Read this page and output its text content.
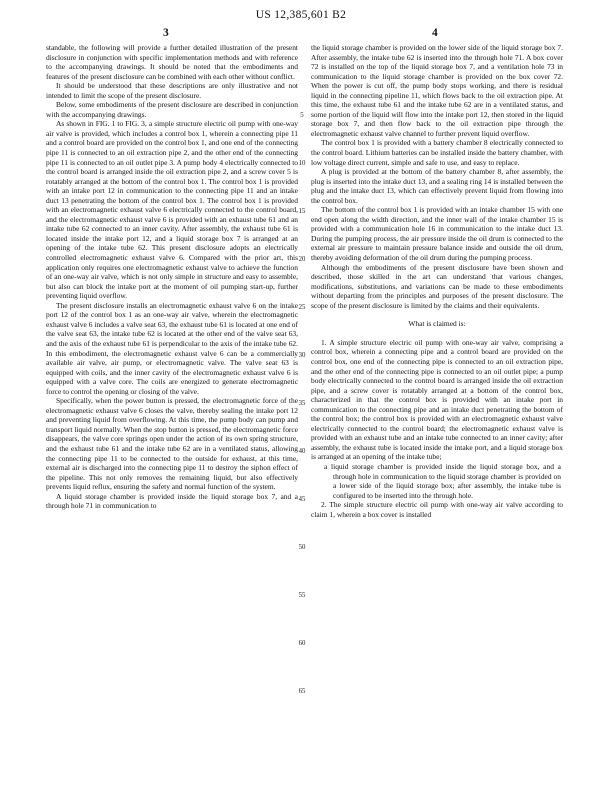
US 12,385,601 B2
3	4

standable, the following will provide a further detailed illustration of the present disclosure in conjunction with specific implementation methods and with reference to the accompanying drawings. It should be noted that the embodiments and features of the present disclosure can be combined with each other without conflict.

It should be understood that these descriptions are only illustrative and not intended to limit the scope of the present disclosure.

Below, some embodiments of the present disclosure are described in conjunction with the accompanying drawings.

As shown in FIG. 1 to FIG. 3, a simple structure electric oil pump with one-way air valve is provided, which includes a control box 1, wherein a connecting pipe 11 and a control board are provided on the control box 1, and one end of the connecting pipe 11 is connected to an oil extraction pipe 2, and the other end of the connecting pipe 11 is connected to an oil outlet pipe 3. A pump body 4 electrically connected to the control board is arranged inside the oil extraction pipe 2, and a screw cover 5 is rotatably arranged at the bottom of the control box 1. The control box 1 is provided with an intake port 12 in communication to the connecting pipe 11 and an intake duct 13 penetrating the bottom of the control box 1. The control box 1 is provided with an electromagnetic exhaust valve 6 electrically connected to the control board, and the electromagnetic exhaust valve 6 is provided with an exhaust tube 61 and an intake tube 62 connected to an inner cavity. After assembly, the exhaust tube 61 is located inside the intake port 12, and a liquid storage box 7 is arranged at an opening of the intake tube 62. This present disclosure adopts an electrically controlled electromagnetic exhaust valve 6. Compared with the prior art, this application only requires one electromagnetic exhaust valve to achieve the function of an one-way air valve, which is not only simple in structure and easy to assemble, but also can block the intake port at the moment of oil pumping start-up, further preventing liquid overflow.

The present disclosure installs an electromagnetic exhaust valve 6 on the intake port 12 of the control box 1 as an one-way air valve, wherein the electromagnetic exhaust valve 6 includes a valve seat 63, the exhaust tube 61 is located at one end of the valve seat 63, the intake tube 62 is located at the other end of the valve seat 63, and the axis of the exhaust tube 61 is perpendicular to the axis of the intake tube 62. In this embodiment, the electromagnetic exhaust valve 6 can be a commercially available air valve, air pump, or electromagnetic valve. The valve seat 63 is equipped with coils, and the inner cavity of the electromagnetic exhaust valve 6 is equipped with a valve core. The coils are energized to generate electromagnetic force to control the opening or closing of the valve.

Specifically, when the power button is pressed, the electromagnetic force of the electromagnetic exhaust valve 6 closes the valve, thereby sealing the intake port 12 and preventing liquid from overflowing. At this time, the pump body can pump and transport liquid normally. When the stop button is pressed, the electromagnetic force disappears, the valve core springs open under the action of its own spring structure, and the exhaust tube 61 and the intake tube 62 are in a ventilated status, allowing the connecting pipe 11 to be connected to the outside for exhaust, at this time, external air is discharged into the connecting pipe 11 to destroy the siphon effect of the pipeline. This not only removes the remaining liquid, but also effectively prevents liquid reflux, ensuring the safety and normal function of the system.

A liquid storage chamber is provided inside the liquid storage box 7, and a through hole 71 in communication to

5
10
15
20
25
30
35
40
45
50
55
60
65

the liquid storage chamber is provided on the lower side of the liquid storage box 7. After assembly, the intake tube 62 is inserted into the through hole 71. A box cover 72 is installed on the top of the liquid storage box 7, and a ventilation hole 73 in communication to the liquid storage chamber is provided on the box cover 72. When the power is cut off, the pump body stops working, and there is residual liquid in the connecting pipeline 11, which flows back to the oil extraction pipe. At this time, the exhaust tube 61 and the intake tube 62 are in a ventilated status, and some portion of the liquid will flow into the intake port 12, then stored in the liquid storage box 7, and then flow back to the oil extraction pipe through the electromagnetic exhaust valve channel to further prevent liquid overflow.

The control box 1 is provided with a battery chamber 8 electrically connected to the control board. Lithium batteries can be installed inside the battery chamber, with low voltage direct current, simple and safe to use, and easy to replace.

A plug is provided at the bottom of the battery chamber 8, after assembly, the plug is inserted into the intake duct 13, and a sealing ring 14 is installed between the plug and the intake duct 13, which can effectively prevent liquid from flowing into the control box.

The bottom of the control box 1 is provided with an intake chamber 15 with one end open along the width direction, and the inner wall of the intake chamber 15 is provided with a communication hole 16 in communication to the intake duct 13. During the pumping process, the air pressure inside the oil drum is connected to the external air pressure to maintain pressure balance inside and outside the oil drum, thereby avoiding deformation of the oil drum during the pumping process.

Although the embodiments of the present disclosure have been shown and described, those skilled in the art can understand that various changes, modifications, substitutions, and variations can be made to these embodiments without departing from the principles and purposes of the present disclosure. The scope of the present disclosure is limited by the claims and their equivalents.

What is claimed is:

1. A simple structure electric oil pump with one-way air valve, comprising a control box, wherein a connecting pipe and a control board are provided on the control box, one end of the connecting pipe is connected to an oil extraction pipe, and the other end of the connecting pipe is connected to an oil outlet pipe; a pump body electrically connected to the control board is arranged inside the oil extraction pipe, and a screw cover is rotatably arranged at a bottom of the control box, characterized in that the control box is provided with an intake port in communication to the connecting pipe and an intake duct penetrating the bottom of the control box; the control box is provided with an electromagnetic exhaust valve electrically connected to the control board; the electromagnetic exhaust valve is provided with an exhaust tube and an intake tube connected to an inner cavity; after assembly, the exhaust tube is located inside the intake port, and a liquid storage box is arranged at an opening of the intake tube;

a liquid storage chamber is provided inside the liquid storage box, and a through hole in communication to the liquid storage chamber is provided on a lower side of the liquid storage box; after assembly, the intake tube is configured to be inserted into the through hole.

2. The simple structure electric oil pump with one-way air valve according to claim 1, wherein a box cover is installed
